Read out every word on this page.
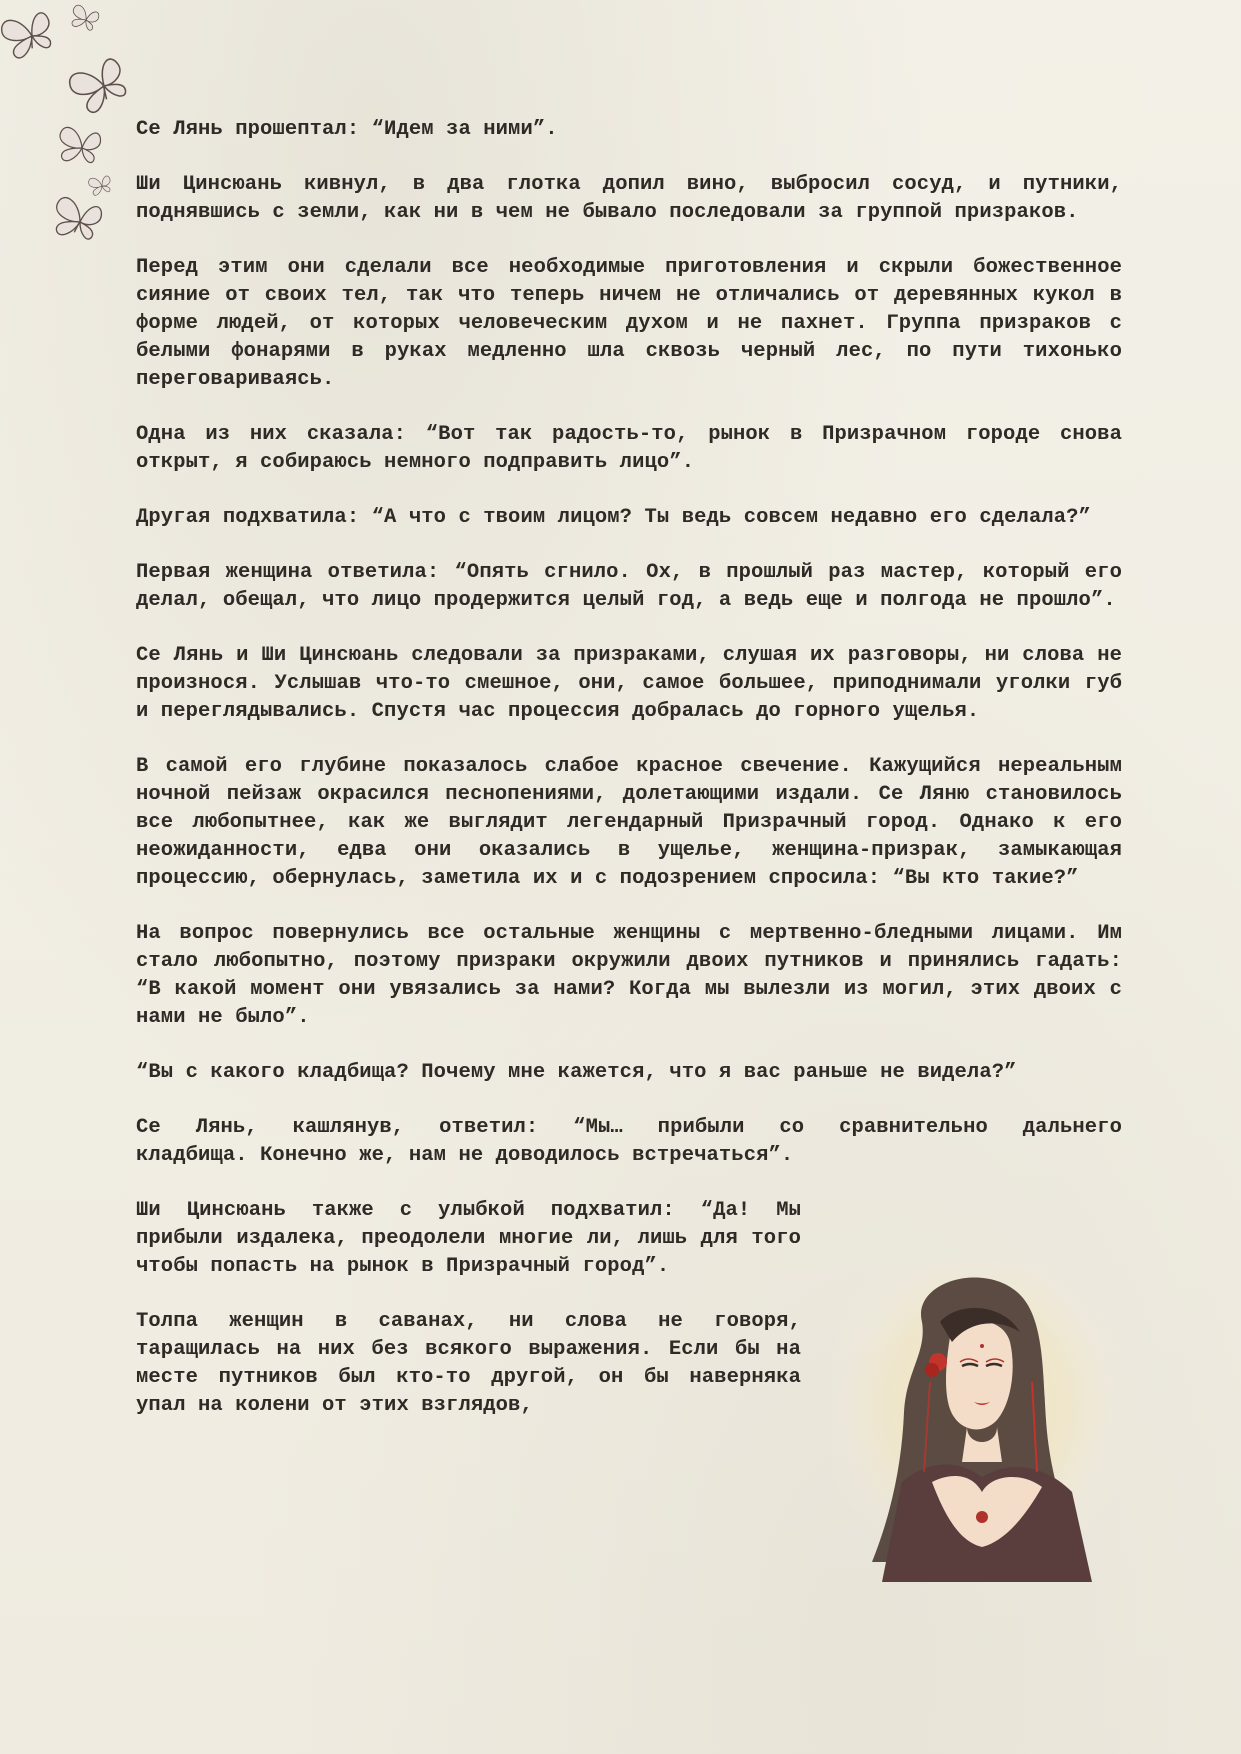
Се Лянь прошептал: “Идем за ними”.

Ши Цинсюань кивнул, в два глотка допил вино, выбросил сосуд, и путники, поднявшись с земли, как ни в чем не бывало последовали за группой призраков.

Перед этим они сделали все необходимые приготовления и скрыли божественное сияние от своих тел, так что теперь ничем не отличались от деревянных кукол в форме людей, от которых человеческим духом и не пахнет. Группа призраков с белыми фонарями в руках медленно шла сквозь черный лес, по пути тихонько переговариваясь.

Одна из них сказала: “Вот так радость-то, рынок в Призрачном городе снова открыт, я собираюсь немного подправить лицо”.

Другая подхватила: “А что с твоим лицом? Ты ведь совсем недавно его сделала?”

Первая женщина ответила: “Опять сгнило. Ох, в прошлый раз мастер, который его делал, обещал, что лицо продержится целый год, а ведь еще и полгода не прошло”.

Се Лянь и Ши Цинсюань следовали за призраками, слушая их разговоры, ни слова не произнося. Услышав что-то смешное, они, самое большее, приподнимали уголки губ и переглядывались. Спустя час процессия добралась до горного ущелья.

В самой его глубине показалось слабое красное свечение. Кажущийся нереальным ночной пейзаж окрасился песнопениями, долетающими издали. Се Ляню становилось все любопытнее, как же выглядит легендарный Призрачный город. Однако к его неожиданности, едва они оказались в ущелье, женщина-призрак, замыкающая процессию, обернулась, заметила их и с подозрением спросила: “Вы кто такие?”

На вопрос повернулись все остальные женщины с мертвенно-бледными лицами. Им стало любопытно, поэтому призраки окружили двоих путников и принялись гадать: “В какой момент они увязались за нами? Когда мы вылезли из могил, этих двоих с нами не было”.

“Вы с какого кладбища? Почему мне кажется, что я вас раньше не видела?”

Се Лянь, кашлянув, ответил: “Мы… прибыли со сравнительно дальнего

кладбища. Конечно же, нам не доводилось встречаться”.

Ши Цинсюань также с улыбкой подхватил: “Да! Мы прибыли издалека, преодолели многие ли, лишь для того чтобы попасть на рынок в Призрачный город”.

Толпа женщин в саванах, ни слова не говоря, таращилась на них без всякого выражения. Если бы на месте путников был кто-то другой, он бы наверняка упал на колени от этих взглядов,
